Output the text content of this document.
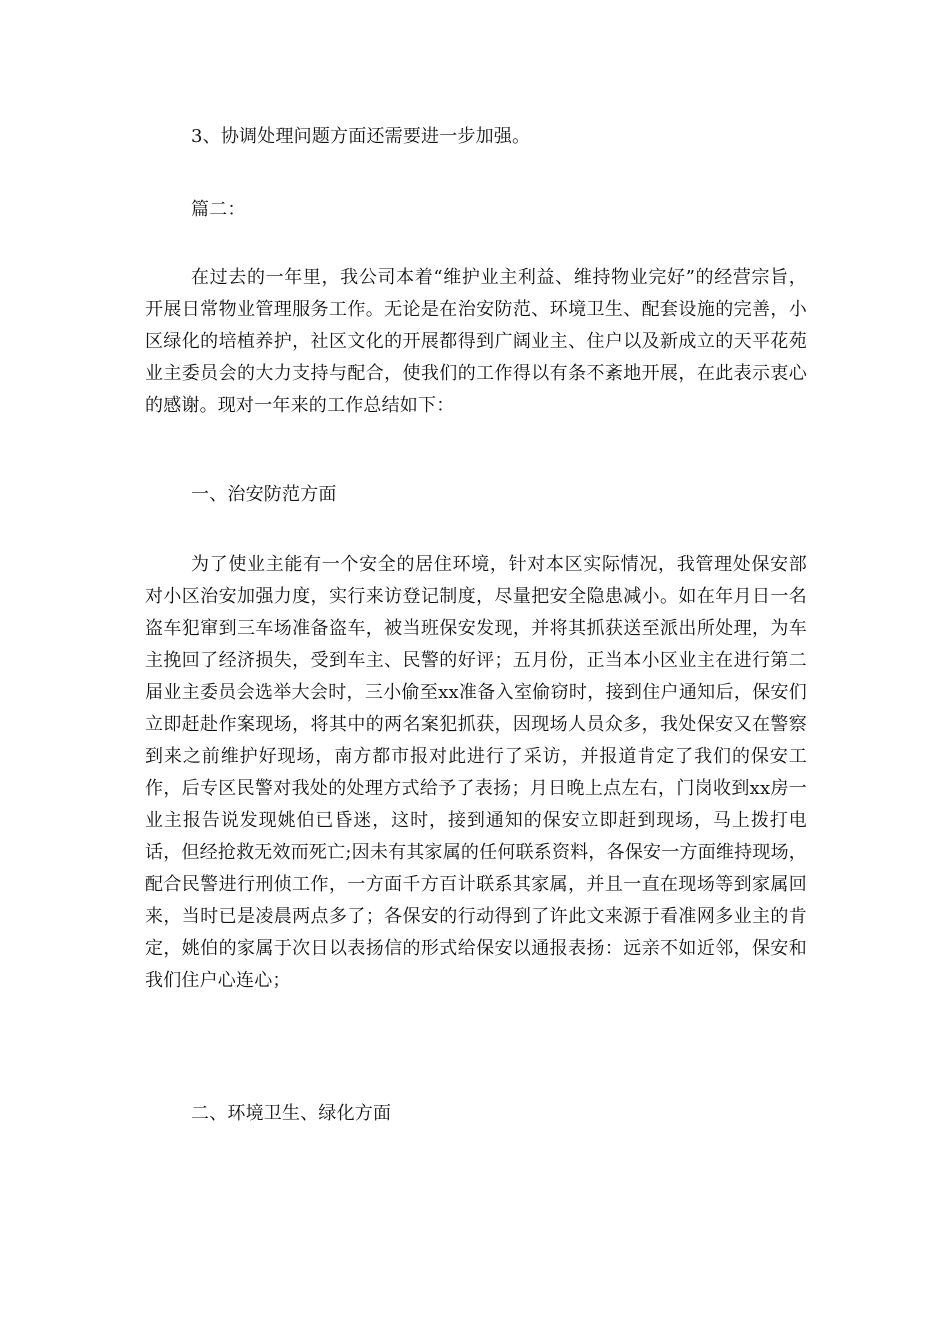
3、协调处理问题方面还需要进一步加强。

篇二：

在过去的一年里，我公司本着“维护业主利益、维持物业完好”的经营宗旨，开展日常物业管理服务工作。无论是在治安防范、环境卫生、配套设施的完善，小区绿化的培植养护，社区文化的开展都得到广阔业主、住户以及新成立的天平花苑业主委员会的大力支持与配合，使我们的工作得以有条不紊地开展，在此表示衷心的感谢。现对一年来的工作总结如下：

一、治安防范方面

为了使业主能有一个安全的居住环境，针对本区实际情况，我管理处保安部对小区治安加强力度，实行来访登记制度，尽量把安全隐患减小。如在年月日一名盗车犯窜到三车场准备盗车，被当班保安发现，并将其抓获送至派出所处理，为车主挽回了经济损失，受到车主、民警的好评；五月份，正当本小区业主在进行第二届业主委员会选举大会时，三小偷至xx准备入室偷窃时，接到住户通知后，保安们立即赶赴作案现场，将其中的两名案犯抓获，因现场人员众多，我处保安又在警察到来之前维护好现场，南方都市报对此进行了采访，并报道肯定了我们的保安工作，后专区民警对我处的处理方式给予了表扬；月日晚上点左右，门岗收到xx房一业主报告说发现姚伯已昏迷，这时，接到通知的保安立即赶到现场，马上拨打电话，但经抢救无效而死亡;因未有其家属的任何联系资料，各保安一方面维持现场，配合民警进行刑侦工作，一方面千方百计联系其家属，并且一直在现场等到家属回来，当时已是凌晨两点多了；各保安的行动得到了许此文来源于看准网多业主的肯定，姚伯的家属于次日以表扬信的形式给保安以通报表扬：远亲不如近邻，保安和我们住户心连心；

二、环境卫生、绿化方面
